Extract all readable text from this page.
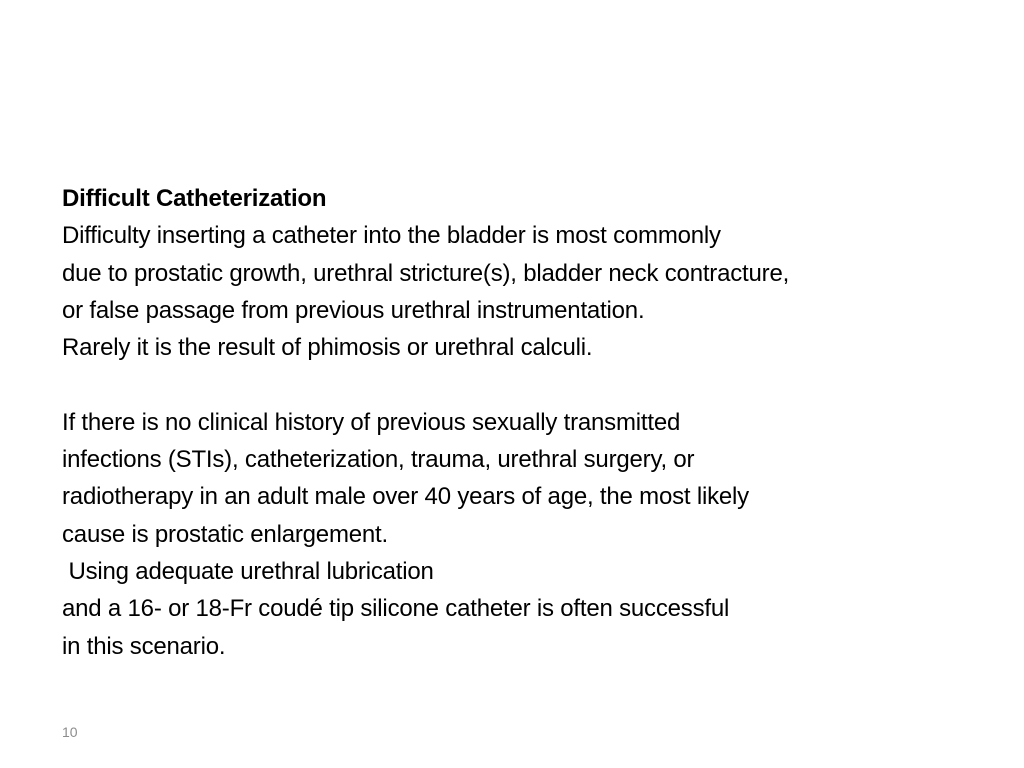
Difficult Catheterization
Difficulty inserting a catheter into the bladder is most commonly
due to prostatic growth, urethral stricture(s), bladder neck contracture,
or false passage from previous urethral instrumentation.
Rarely it is the result of phimosis or urethral calculi.
If there is no clinical history of previous sexually transmitted
infections (STIs), catheterization, trauma, urethral surgery, or
radiotherapy in an adult male over 40 years of age, the most likely
cause is prostatic enlargement.
Using adequate urethral lubrication
and a 16- or 18-Fr coudé tip silicone catheter is often successful
in this scenario.
10
